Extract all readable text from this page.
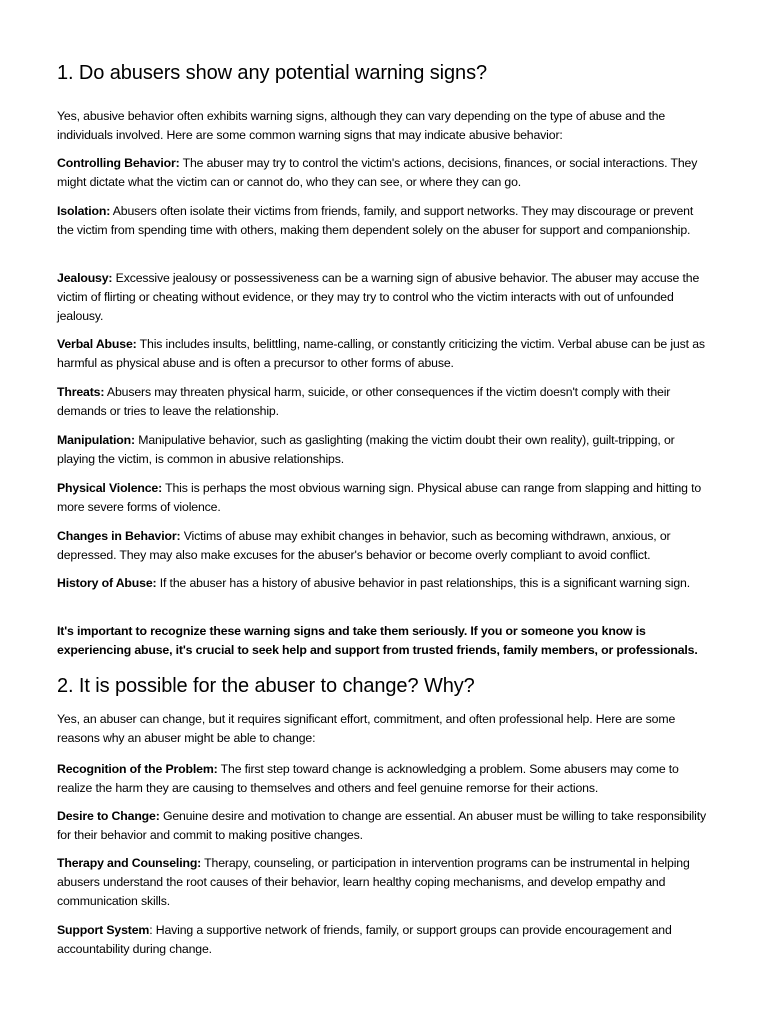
1. Do abusers show any potential warning signs?

Yes, abusive behavior often exhibits warning signs, although they can vary depending on the type of abuse and the individuals involved. Here are some common warning signs that may indicate abusive behavior:

Controlling Behavior: The abuser may try to control the victim's actions, decisions, finances, or social interactions. They might dictate what the victim can or cannot do, who they can see, or where they can go.

Isolation: Abusers often isolate their victims from friends, family, and support networks. They may discourage or prevent the victim from spending time with others, making them dependent solely on the abuser for support and companionship.

Jealousy: Excessive jealousy or possessiveness can be a warning sign of abusive behavior. The abuser may accuse the victim of flirting or cheating without evidence, or they may try to control who the victim interacts with out of unfounded jealousy.

Verbal Abuse: This includes insults, belittling, name-calling, or constantly criticizing the victim. Verbal abuse can be just as harmful as physical abuse and is often a precursor to other forms of abuse.

Threats: Abusers may threaten physical harm, suicide, or other consequences if the victim doesn't comply with their demands or tries to leave the relationship.

Manipulation: Manipulative behavior, such as gaslighting (making the victim doubt their own reality), guilt-tripping, or playing the victim, is common in abusive relationships.

Physical Violence: This is perhaps the most obvious warning sign. Physical abuse can range from slapping and hitting to more severe forms of violence.

Changes in Behavior: Victims of abuse may exhibit changes in behavior, such as becoming withdrawn, anxious, or depressed. They may also make excuses for the abuser's behavior or become overly compliant to avoid conflict.

History of Abuse: If the abuser has a history of abusive behavior in past relationships, this is a significant warning sign.

It's important to recognize these warning signs and take them seriously. If you or someone you know is experiencing abuse, it's crucial to seek help and support from trusted friends, family members, or professionals.

2. It is possible for the abuser to change? Why?

Yes, an abuser can change, but it requires significant effort, commitment, and often professional help. Here are some reasons why an abuser might be able to change:

Recognition of the Problem: The first step toward change is acknowledging a problem. Some abusers may come to realize the harm they are causing to themselves and others and feel genuine remorse for their actions.

Desire to Change: Genuine desire and motivation to change are essential. An abuser must be willing to take responsibility for their behavior and commit to making positive changes.

Therapy and Counseling: Therapy, counseling, or participation in intervention programs can be instrumental in helping abusers understand the root causes of their behavior, learn healthy coping mechanisms, and develop empathy and communication skills.

Support System: Having a supportive network of friends, family, or support groups can provide encouragement and accountability during change.
